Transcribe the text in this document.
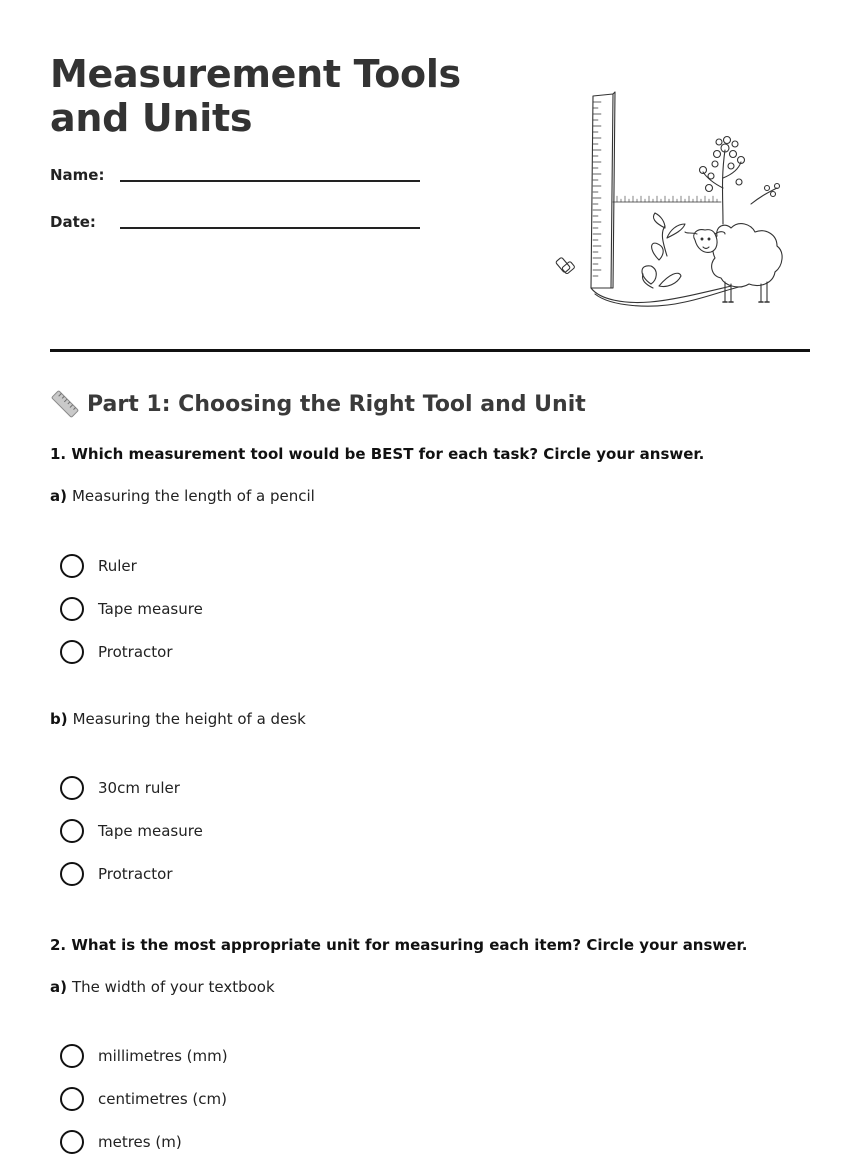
Measurement Tools and Units
Name:
Date:
Part 1: Choosing the Right Tool and Unit
1. Which measurement tool would be BEST for each task? Circle your answer.
a) Measuring the length of a pencil
Ruler
Tape measure
Protractor
b) Measuring the height of a desk
30cm ruler
Tape measure
Protractor
2. What is the most appropriate unit for measuring each item? Circle your answer.
a) The width of your textbook
millimetres (mm)
centimetres (cm)
metres (m)
